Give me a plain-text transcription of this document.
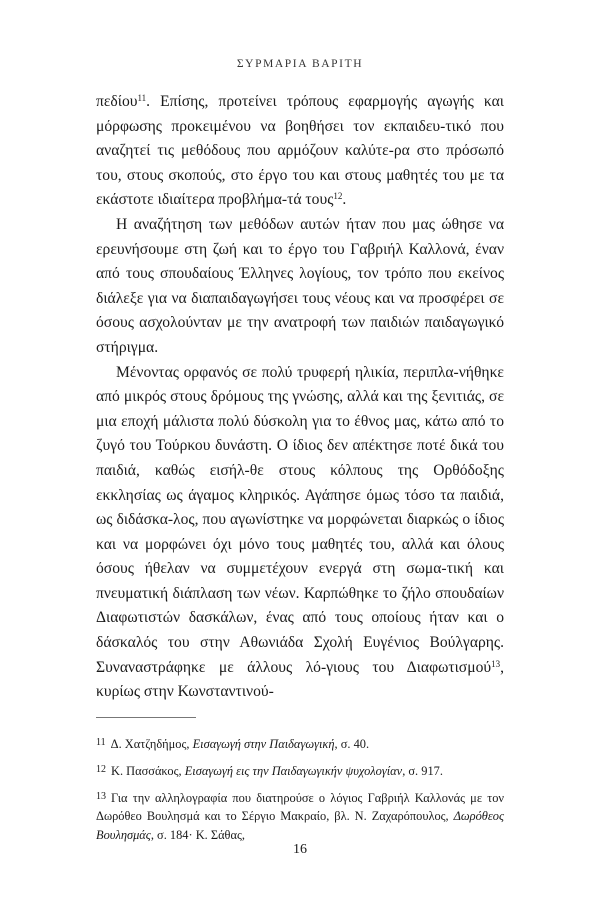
ΣΥΡΜΑΡΙΑ ΒΑΡΙΤΗ

πεδίου$^{11}$. Επίσης, προτείνει τρόπους εφαρμογής αγωγής και μόρφωσης προκειμένου να βοηθήσει τον εκπαιδευ-τικό που αναζητεί τις μεθόδους που αρμόζουν καλύτε-ρα στο πρόσωπό του, στους σκοπούς, στο έργο του και στους μαθητές του με τα εκάστοτε ιδιαίτερα προβλήμα-τά τους$^{12}$.

Η αναζήτηση των μεθόδων αυτών ήταν που μας ώθησε να ερευνήσουμε στη ζωή και το έργο του Γαβριήλ Καλλονά, έναν από τους σπουδαίους Έλληνες λογίους, τον τρόπο που εκείνος διάλεξε για να διαπαιδαγωγήσει τους νέους και να προσφέρει σε όσους ασχολούνταν με την ανατροφή των παιδιών παιδαγωγικό στήριγμα.

Μένοντας ορφανός σε πολύ τρυφερή ηλικία, περιπλα-νήθηκε από μικρός στους δρόμους της γνώσης, αλλά και της ξενιτιάς, σε μια εποχή μάλιστα πολύ δύσκολη για το έθνος μας, κάτω από το ζυγό του Τούρκου δυνάστη. Ο ίδιος δεν απέκτησε ποτέ δικά του παιδιά, καθώς εισήλ-θε στους κόλπους της Ορθόδοξης εκκλησίας ως άγαμος κληρικός. Αγάπησε όμως τόσο τα παιδιά, ως διδάσκα-λος, που αγωνίστηκε να μορφώνεται διαρκώς ο ίδιος και να μορφώνει όχι μόνο τους μαθητές του, αλλά και όλους όσους ήθελαν να συμμετέχουν ενεργά στη σωμα-τική και πνευματική διάπλαση των νέων. Καρπώθηκε το ζήλο σπουδαίων Διαφωτιστών δασκάλων, ένας από τους οποίους ήταν και ο δάσκαλός του στην Αθωνιάδα Σχολή Ευγένιος Βούλγαρης. Συναναστράφηκε με άλλους λό-γιους του Διαφωτισμού$^{13}$, κυρίως στην Κωνσταντινού-

$^{11}$ Δ. Χατζηδήμος, Εισαγωγή στην Παιδαγωγική, σ. 40.

$^{12}$ Κ. Πασσάκος, Εισαγωγή εις την Παιδαγωγικήν ψυχολογίαν, σ. 917.

$^{13}$ Για την αλληλογραφία που διατηρούσε ο λόγιος Γαβριήλ Καλλονάς με τον Δωρόθεο Βουλησμά και το Σέργιο Μακραίο, βλ. Ν. Ζαχαρόπουλος, Δωρόθεος Βουλησμάς, σ. 184· Κ. Σάθας,

16
